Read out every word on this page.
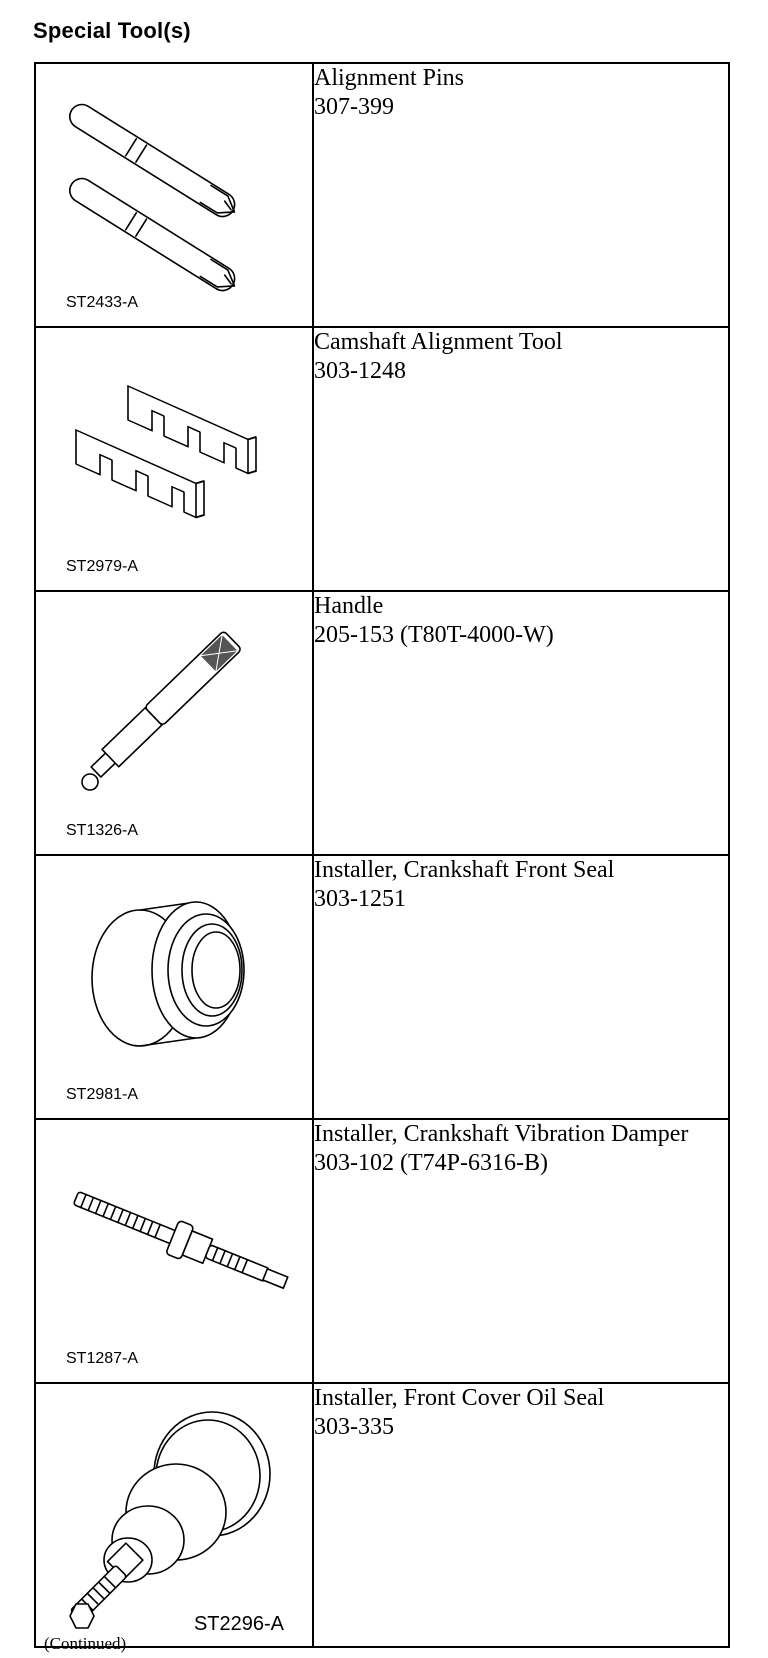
Special Tool(s)
ST2433-A	Alignment Pins
307-399

ST2979-A	Camshaft Alignment Tool
303-1248

ST1326-A	Handle
205-153 (T80T-4000-W)

ST2981-A	Installer, Crankshaft Front Seal
303-1251

ST1287-A	Installer, Crankshaft Vibration Damper
303-102 (T74P-6316-B)

ST2296-A	Installer, Front Cover Oil Seal
303-335
(Continued)
